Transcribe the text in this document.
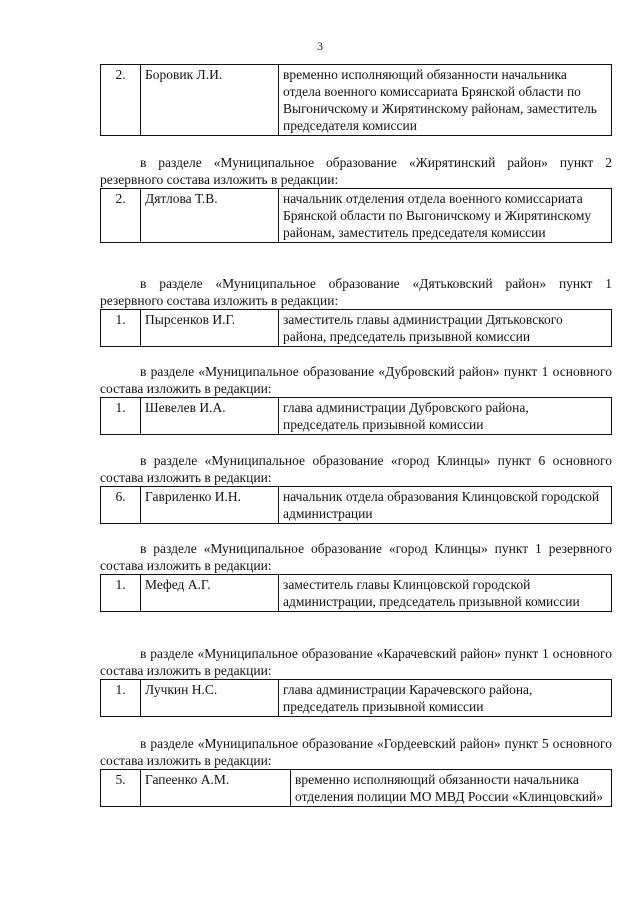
3
2.	Боровик Л.И.	временно исполняющий обязанности начальника отдела военного комиссариата Брянской области по Выгоничскому и Жирятинскому районам, заместитель председателя комиссии

в разделе «Муниципальное образование «Жирятинский район» пункт 2 резервного состава изложить в редакции:

2.	Дятлова Т.В.	начальник отделения отдела военного комиссариата Брянской области по Выгоничскому и Жирятинскому районам, заместитель председателя комиссии

в разделе «Муниципальное образование «Дятьковский район» пункт 1 резервного состава изложить в редакции:

1.	Пырсенков И.Г.	заместитель главы администрации Дятьковского района, председатель призывной комиссии

в разделе «Муниципальное образование «Дубровский район» пункт 1 основного состава изложить в редакции:

1.	Шевелев И.А.	глава администрации Дубровского района, председатель призывной комиссии

в разделе «Муниципальное образование «город Клинцы» пункт 6 основного состава изложить в редакции:

6.	Гавриленко И.Н.	начальник отдела образования Клинцовской городской администрации

в разделе «Муниципальное образование «город Клинцы» пункт 1 резервного состава изложить в редакции:

1.	Мефед А.Г.	заместитель главы Клинцовской городской администрации, председатель призывной комиссии

в разделе «Муниципальное образование «Карачевский район» пункт 1 основного состава изложить в редакции:

1.	Лучкин Н.С.	глава администрации Карачевского района, председатель призывной комиссии

в разделе «Муниципальное образование «Гордеевский район» пункт 5 основного состава изложить в редакции:

5.	Гапеенко А.М.	временно исполняющий обязанности начальника отделения полиции МО МВД России «Клинцовский»
